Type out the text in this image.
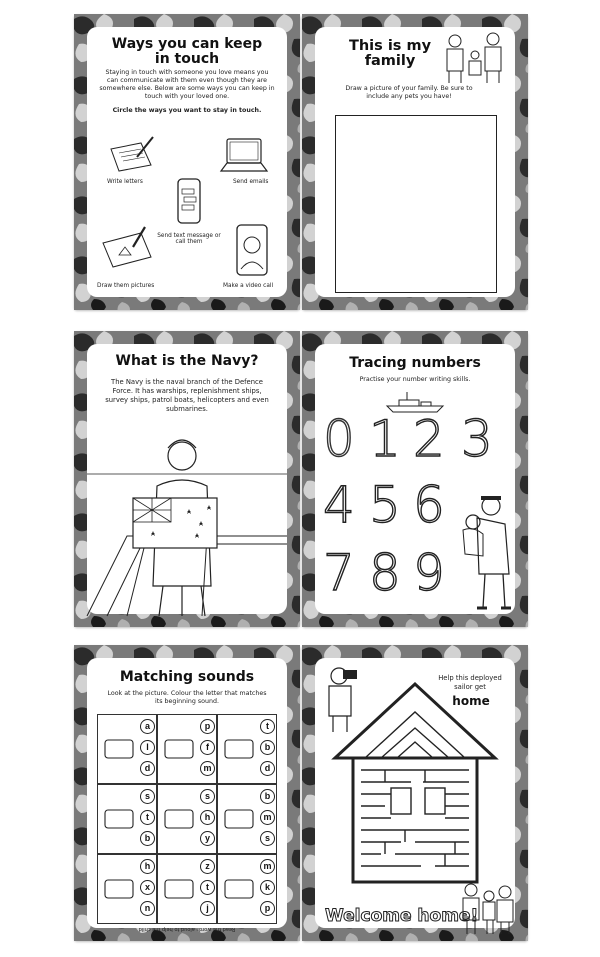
Ways you can keep in touch
Staying in touch with someone you love means you can communicate with them even though they are somewhere else. Below are some ways you can keep in touch with your loved one.
Circle the ways you want to stay in touch.
Write letters	Send emails
Send text message or call them
Draw them pictures	Make a video call
This is my family
Draw a picture of your family. Be sure to include any pets you have!
What is the Navy?
The Navy is the naval branch of the Defence Force. It has warships, replenishment ships, survey ships, patrol boats, helicopters and even submarines.
Tracing numbers
Practise your number writing skills.
0 1 2 3
4 5 6
7 8 9
Matching sounds
Look at the picture. Colour the letter that matches its beginning sound.
a
l
d
p
f
m
t
b
d
s
t
b
s
h
y
b
m
s
h
x
n
z
t
j
m
k
p
Read the words aloud to help the child
Help this deployed sailor get
home
Welcome home!
